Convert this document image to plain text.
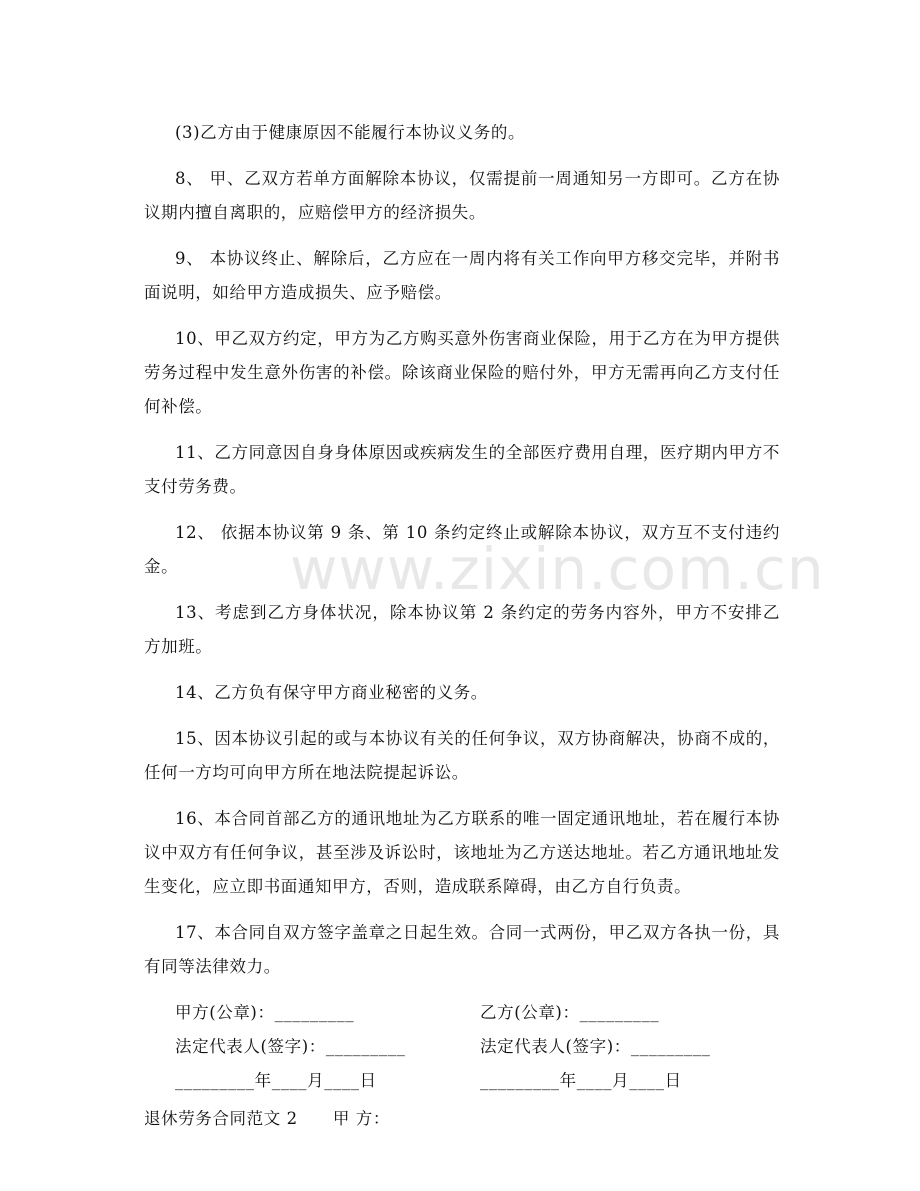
(3)乙方由于健康原因不能履行本协议义务的。

8、 甲、乙双方若单方面解除本协议，仅需提前一周通知另一方即可。乙方在协议期内擅自离职的，应赔偿甲方的经济损失。

9、 本协议终止、解除后，乙方应在一周内将有关工作向甲方移交完毕，并附书面说明，如给甲方造成损失、应予赔偿。

10、甲乙双方约定，甲方为乙方购买意外伤害商业保险，用于乙方在为甲方提供劳务过程中发生意外伤害的补偿。除该商业保险的赔付外，甲方无需再向乙方支付任何补偿。

11、乙方同意因自身身体原因或疾病发生的全部医疗费用自理，医疗期内甲方不支付劳务费。

12、 依据本协议第 9 条、第 10 条约定终止或解除本协议，双方互不支付违约金。

13、考虑到乙方身体状况，除本协议第 2 条约定的劳务内容外，甲方不安排乙方加班。

14、乙方负有保守甲方商业秘密的义务。

15、因本协议引起的或与本协议有关的任何争议，双方协商解决，协商不成的，任何一方均可向甲方所在地法院提起诉讼。

16、本合同首部乙方的通讯地址为乙方联系的唯一固定通讯地址，若在履行本协议中双方有任何争议，甚至涉及诉讼时，该地址为乙方送达地址。若乙方通讯地址发生变化，应立即书面通知甲方，否则，造成联系障碍，由乙方自行负责。

17、本合同自双方签字盖章之日起生效。合同一式两份，甲乙双方各执一份，具有同等法律效力。

甲方(公章)：_________	乙方(公章)：_________
法定代表人(签字)：_________	法定代表人(签字)：_________
_________年____月____日	_________年____月____日
退休劳务合同范文 2 甲 方：
www.zixin.com.cn
